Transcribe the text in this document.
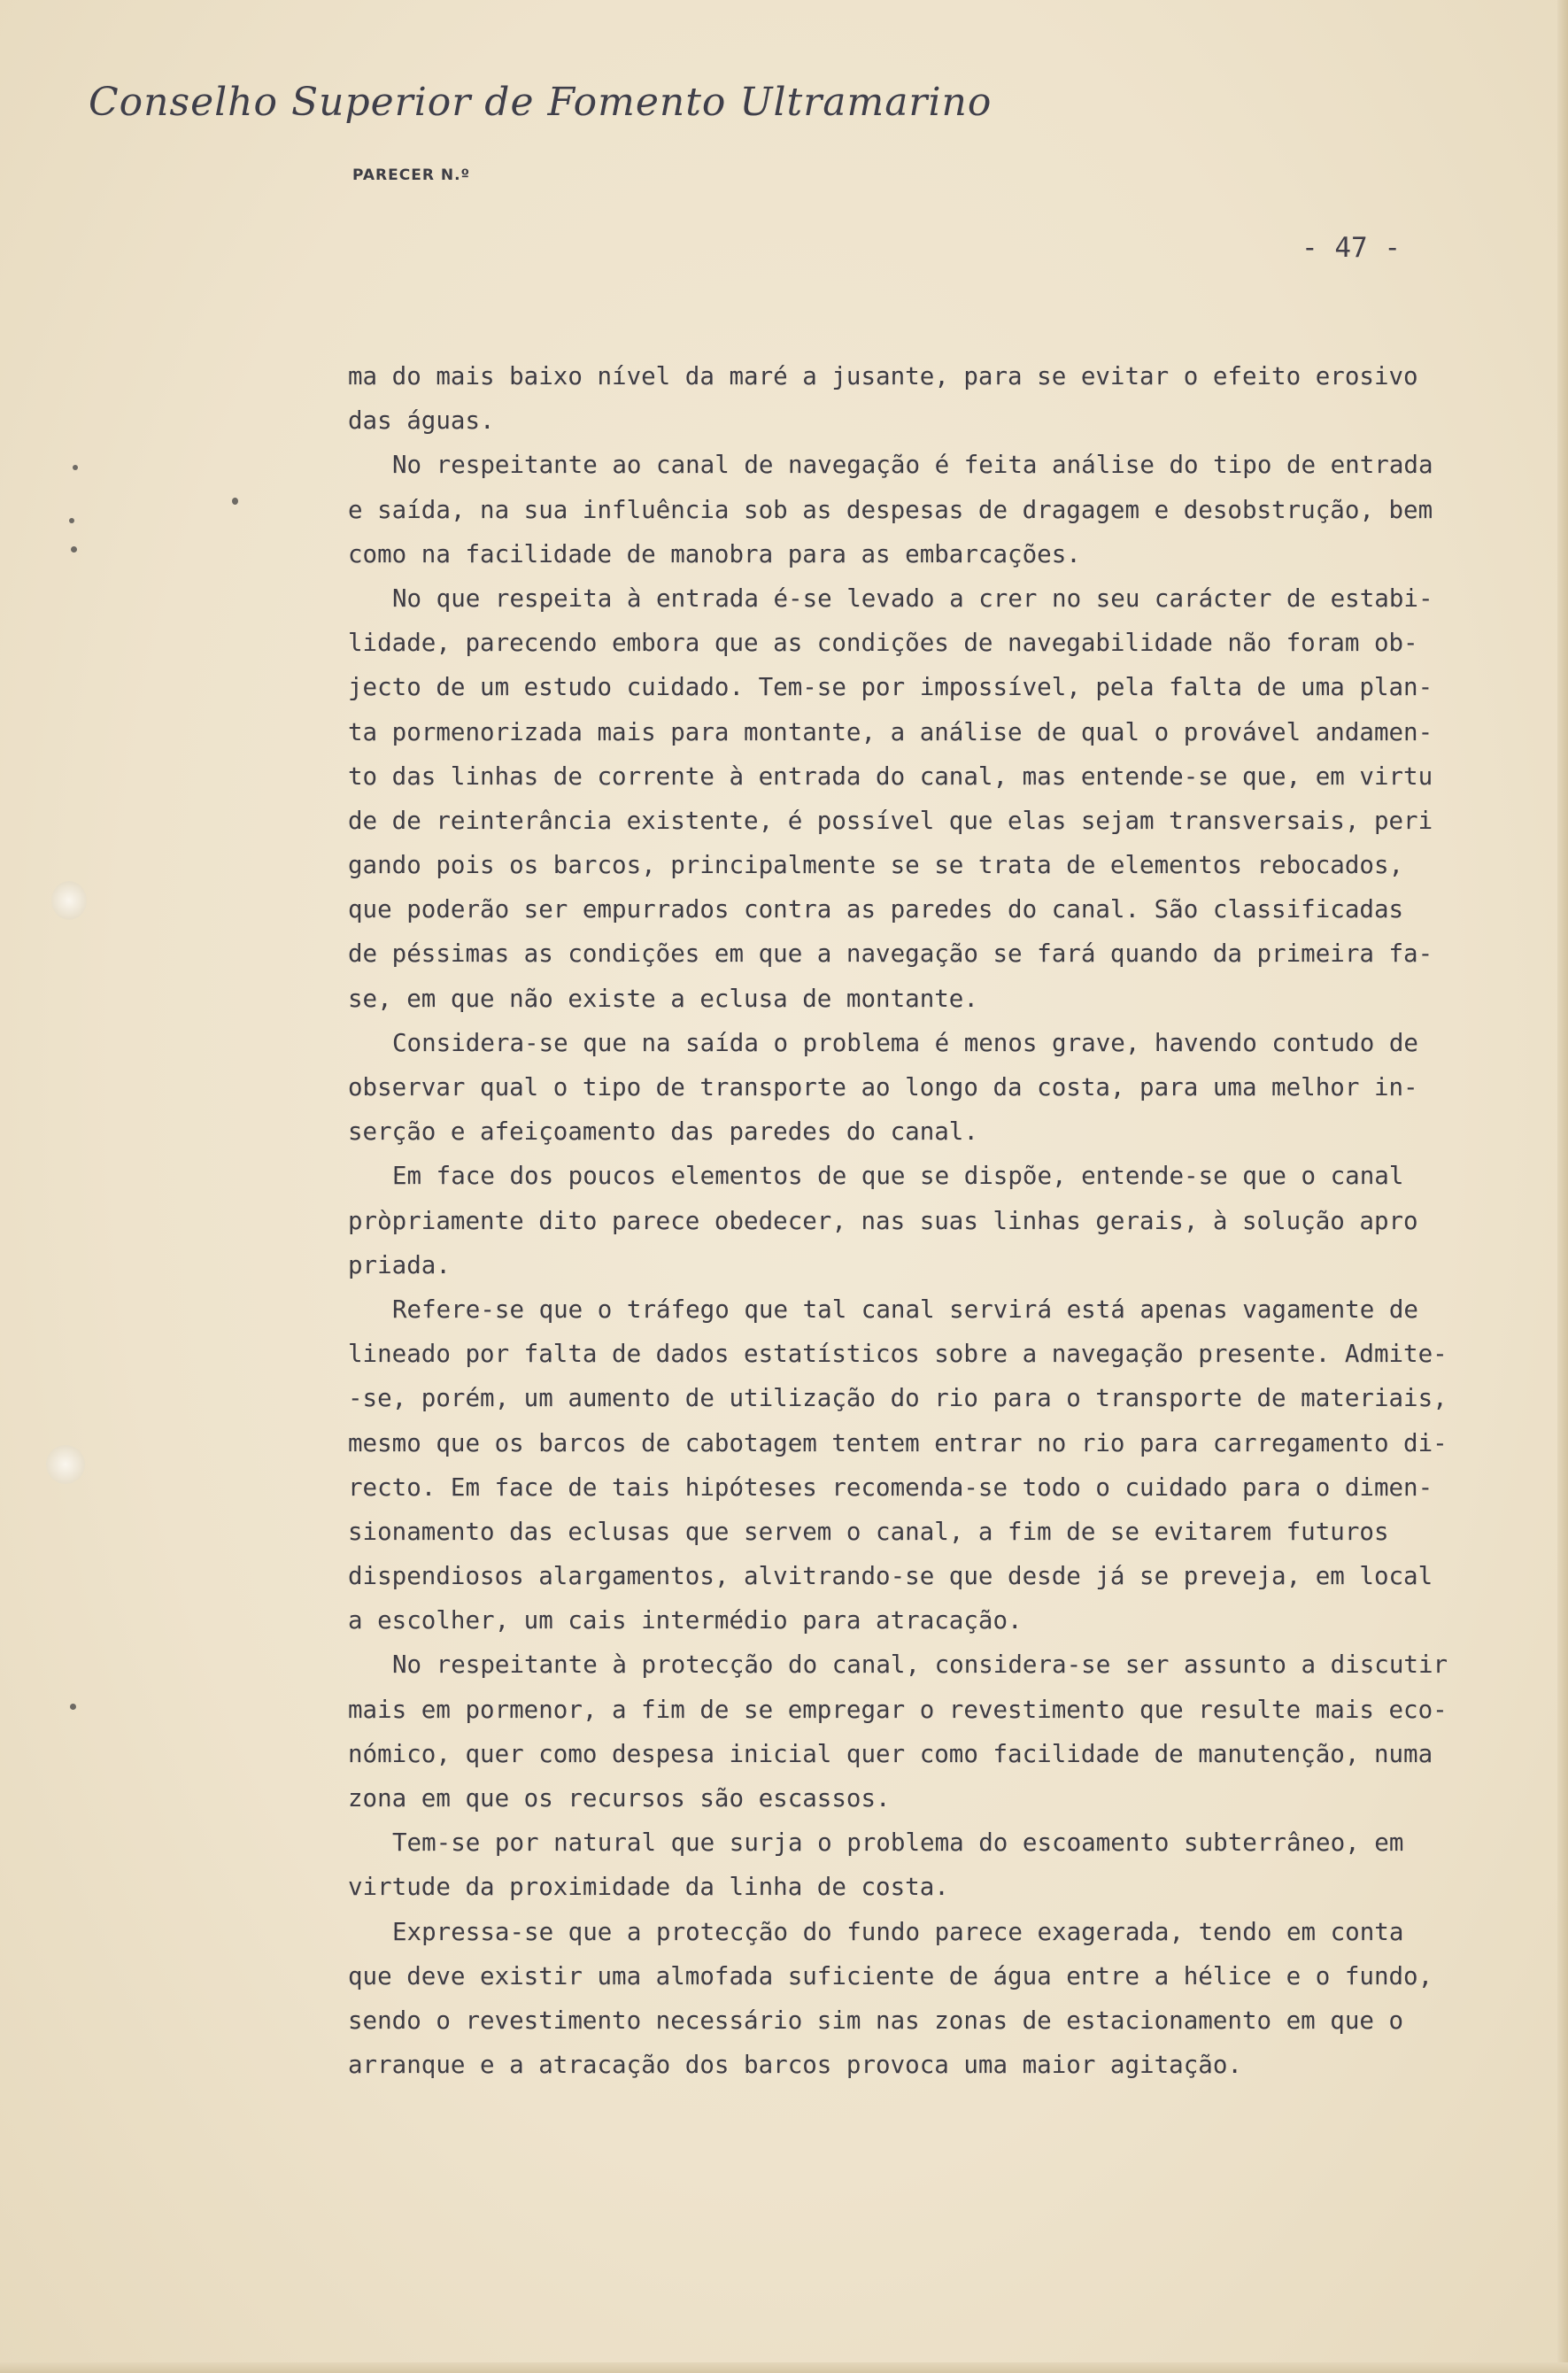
Conselho Superior de Fomento Ultramarino
PARECER N.º
- 47 -
ma do mais baixo nível da maré a jusante, para se evitar o efeito erosivo
das águas.
No respeitante ao canal de navegação é feita análise do tipo de entrada
e saída, na sua influência sob as despesas de dragagem e desobstrução, bem
como na facilidade de manobra para as embarcações.
No que respeita à entrada é-se levado a crer no seu carácter de estabi-
lidade, parecendo embora que as condições de navegabilidade não foram ob-
jecto de um estudo cuidado. Tem-se por impossível, pela falta de uma plan-
ta pormenorizada mais para montante, a análise de qual o provável andamen-
to das linhas de corrente à entrada do canal, mas entende-se que, em virtu
de de reinterância existente, é possível que elas sejam transversais, peri
gando pois os barcos, principalmente se se trata de elementos rebocados,
que poderão ser empurrados contra as paredes do canal. São classificadas
de péssimas as condições em que a navegação se fará quando da primeira fa-
se, em que não existe a eclusa de montante.
Considera-se que na saída o problema é menos grave, havendo contudo de
observar qual o tipo de transporte ao longo da costa, para uma melhor in-
serção e afeiçoamento das paredes do canal.
Em face dos poucos elementos de que se dispõe, entende-se que o canal
pròpriamente dito parece obedecer, nas suas linhas gerais, à solução apro
priada.
Refere-se que o tráfego que tal canal servirá está apenas vagamente de
lineado por falta de dados estatísticos sobre a navegação presente. Admite-
-se, porém, um aumento de utilização do rio para o transporte de materiais,
mesmo que os barcos de cabotagem tentem entrar no rio para carregamento di-
recto. Em face de tais hipóteses recomenda-se todo o cuidado para o dimen-
sionamento das eclusas que servem o canal, a fim de se evitarem futuros
dispendiosos alargamentos, alvitrando-se que desde já se preveja, em local
a escolher, um cais intermédio para atracação.
No respeitante à protecção do canal, considera-se ser assunto a discutir
mais em pormenor, a fim de se empregar o revestimento que resulte mais eco-
nómico, quer como despesa inicial quer como facilidade de manutenção, numa
zona em que os recursos são escassos.
Tem-se por natural que surja o problema do escoamento subterrâneo, em
virtude da proximidade da linha de costa.
Expressa-se que a protecção do fundo parece exagerada, tendo em conta
que deve existir uma almofada suficiente de água entre a hélice e o fundo,
sendo o revestimento necessário sim nas zonas de estacionamento em que o
arranque e a atracação dos barcos provoca uma maior agitação.
